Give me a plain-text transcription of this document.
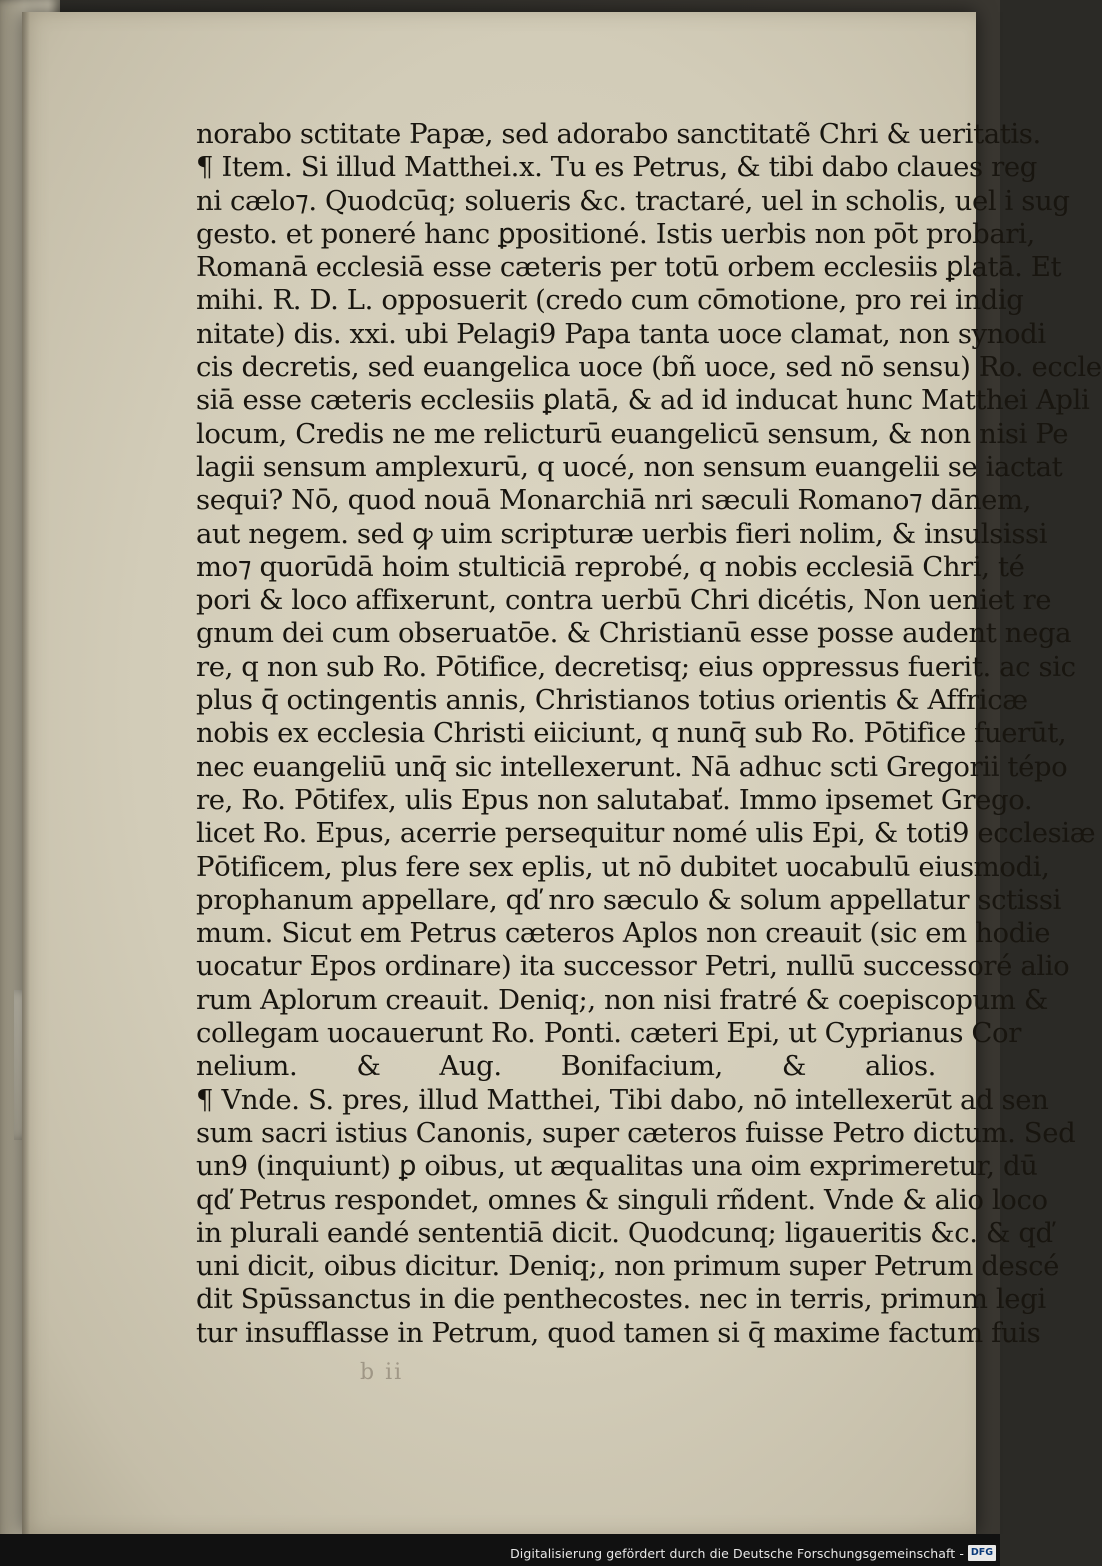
norabo sctitate Papæ, sed adorabo sanctitatẽ Chri & ueritatis.
¶ Item. Si illud Matthei.x. Tu es Petrus, & tibi dabo claues reg
ni cælo⁊. Quodcūq; solueris &c. tractaré, uel in scholis, uel i sug
gesto. et poneré hanc ꝑpositioné. Istis uerbis non pōt probari,
Romanā ecclesiā esse cæteris per totū orbem ecclesiis ꝑlatā. Et
mihi. R. D. L. opposuerit (credo cum cōmotione, pro rei indig
nitate) dis. xxi. ubi Pelagi9 Papa tanta uoce clamat, non synodi
cis decretis, sed euangelica uoce (bñ uoce, sed nō sensu) Ro. eccle
siā esse cæteris ecclesiis ꝑlatā, & ad id inducat hunc Matthei Apli
locum, Credis ne me relicturū euangelicū sensum, & non nisi Pe
lagii sensum amplexurū, q uocé, non sensum euangelii se iactat
sequi? Nō, quod nouā Monarchiā nri sæculi Romano⁊ dānem,
aut negem. sed ꝙ uim scripturæ uerbis fieri nolim, & insulsissi
mo⁊ quorūdā hoim stulticiā reprobé, q nobis ecclesiā Chri, té
pori & loco affixerunt, contra uerbū Chri dicétis, Non ueniet re
gnum dei cum obseruatōe. & Christianū esse posse audent nega
re, q non sub Ro. Pōtifice, decretisq; eius oppressus fuerit. ac sic
plus q̄ octingentis annis, Christianos totius orientis & Affricæ
nobis ex ecclesia Christi eiiciunt, q nunq̄ sub Ro. Pōtifice fuerūt,
nec euangeliū unq̄ sic intellexerunt. Nā adhuc scti Gregorii tépo
re, Ro. Pōtifex, ulis Epus non salutabať. Immo ipsemet Grego.
licet Ro. Epus, acerrie persequitur nomé ulis Epi, & toti9 ecclesiæ
Pōtificem, plus fere sex eplis, ut nō dubitet uocabulū eiusmodi,
prophanum appellare, qď nro sæculo & solum appellatur sctissi
mum. Sicut em Petrus cæteros Aplos non creauit (sic em hodie
uocatur Epos ordinare) ita successor Petri, nullū successoré alio
rum Aplorum creauit. Deniq;, non nisi fratré & coepiscopum &
collegam uocauerunt Ro. Ponti. cæteri Epi, ut Cyprianus Cor
nelium. & Aug. Bonifacium, & alios.
¶ Vnde. S. pres, illud Matthei, Tibi dabo, nō intellexerūt ad sen
sum sacri istius Canonis, super cæteros fuisse Petro dictum. Sed
un9 (inquiunt) ꝑ oibus, ut æqualitas una oim exprimeretur, dū
qď Petrus respondet, omnes & singuli rñdent. Vnde & alio loco
in plurali eandé sententiā dicit. Quodcunq; ligaueritis &c. & qď
uni dicit, oibus dicitur. Deniq;, non primum super Petrum descé
dit Spūssanctus in die penthecostes. nec in terris, primum legi
tur insufflasse in Petrum, quod tamen si q̄ maxime factum fuis
b ii
Digitalisierung gefördert durch die Deutsche Forschungsgemeinschaft - DFG
